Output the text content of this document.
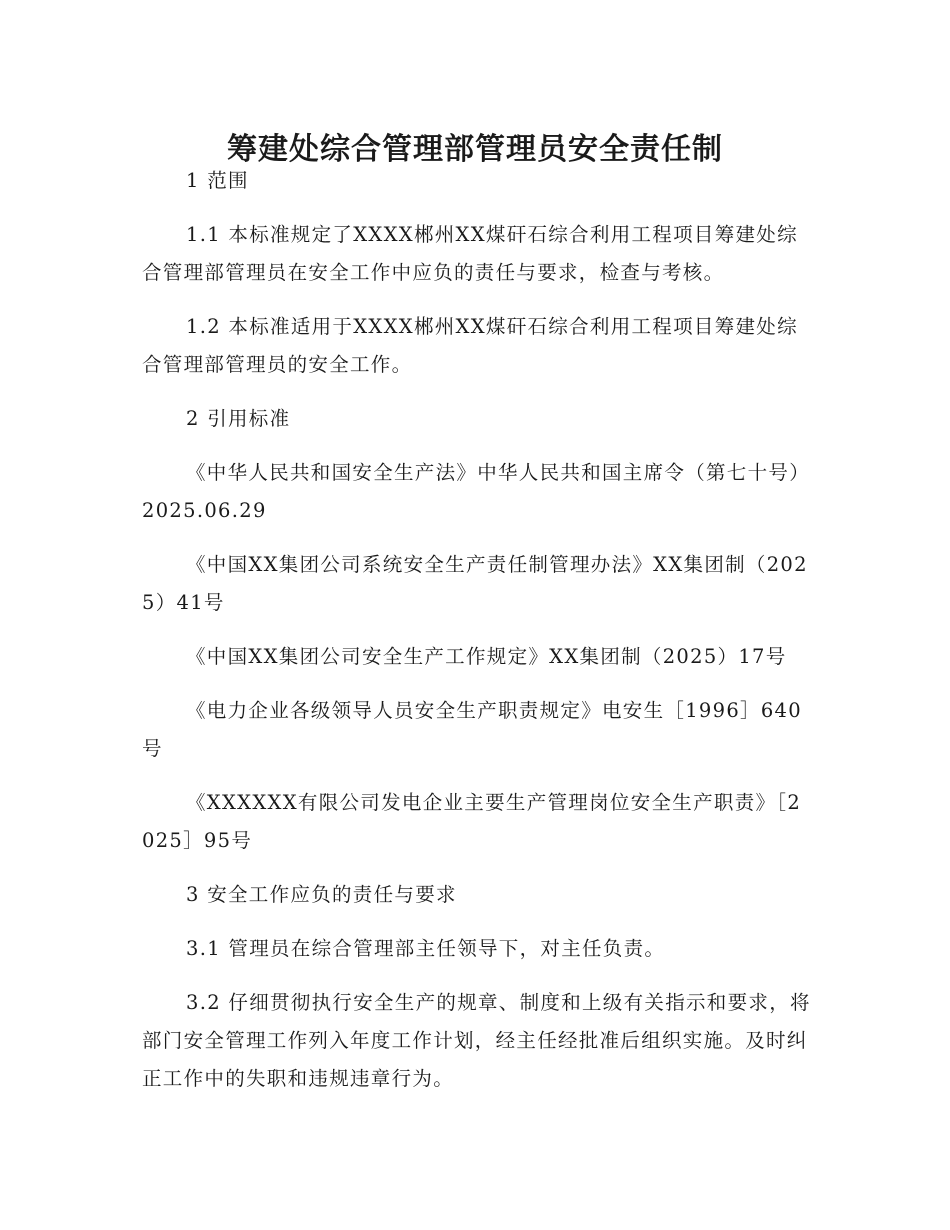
筹建处综合管理部管理员安全责任制

1 范围

1.1 本标准规定了XXXX郴州XX煤矸石综合利用工程项目筹建处综合管理部管理员在安全工作中应负的责任与要求，检查与考核。

1.2 本标准适用于XXXX郴州XX煤矸石综合利用工程项目筹建处综合管理部管理员的安全工作。

2 引用标准

《中华人民共和国安全生产法》中华人民共和国主席令（第七十号）2025.06.29

《中国XX集团公司系统安全生产责任制管理办法》XX集团制（2025）41号

《中国XX集团公司安全生产工作规定》XX集团制（2025）17号

《电力企业各级领导人员安全生产职责规定》电安生［1996］640号

《XXXXXX有限公司发电企业主要生产管理岗位安全生产职责》［2025］95号

3 安全工作应负的责任与要求

3.1 管理员在综合管理部主任领导下，对主任负责。

3.2 仔细贯彻执行安全生产的规章、制度和上级有关指示和要求，将部门安全管理工作列入年度工作计划，经主任经批准后组织实施。及时纠正工作中的失职和违规违章行为。
